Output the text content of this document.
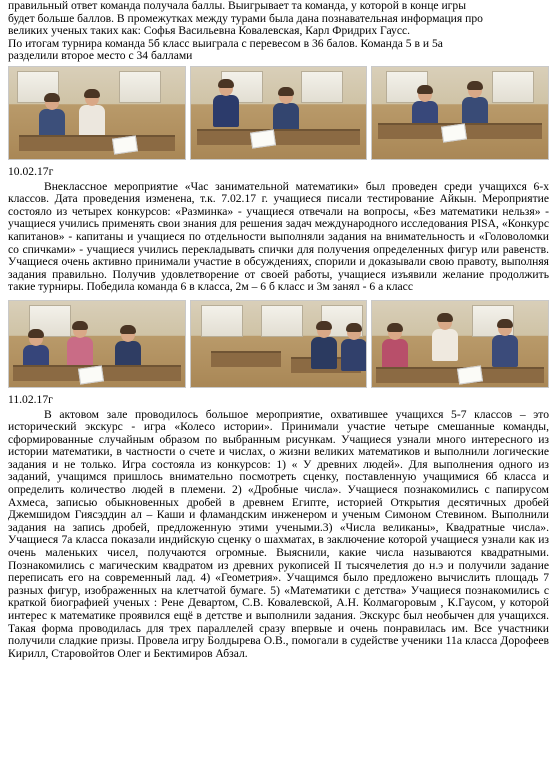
правильный ответ команда получала баллы. Выигрывает та команда, у которой в конце игры

будет больше баллов. В промежутках между турами была дана познавательная информация про

великих ученых таких как: Софья Васильевна Ковалевская, Карл Фридрих Гаусс.

По итогам турнира команда 5б класс выиграла с перевесом в 36 балов. Команда 5 в и 5а

разделили второе место с 34 баллами

10.02.17г

Внеклассное мероприятие «Час занимательной математики» был проведен среди учащихся 6-х классов. Дата проведения изменена, т.к. 7.02.17 г. учащиеся писали тестирование Айкын. Мероприятие состояло из четырех конкурсов: «Разминка» - учащиеся отвечали на вопросы, «Без математики нельзя» - учащиеся учились применять свои знания для решения задач международного исследования PISA, «Конкурс капитанов» - капитаны и учащиеся по отдельности выполняли задания на внимательность и «Головоломки со спичками» - учащиеся учились перекладывать спички для получения определенных фигур или равенств. Учащиеся очень активно принимали участие в обсуждениях, спорили и доказывали свою правоту, выполняя задания правильно. Получив удовлетворение от своей работы, учащиеся изъявили желание продолжить такие турниры. Победила команда 6 в класса, 2м – 6 б класс и 3м занял - 6 а класс

11.02.17г

В актовом зале проводилось большое мероприятие, охватившее учащихся 5-7 классов – это исторический экскурс - игра «Колесо истории». Принимали участие четыре смешанные команды, сформированные случайным образом по выбранным рисункам. Учащиеся узнали много интересного из истории математики, в частности о счете и числах, о жизни великих математиков и выполнили логические задания и не только. Игра состояла из конкурсов: 1) « У древних людей». Для выполнения одного из заданий, учащимся пришлось внимательно посмотреть сценку, поставленную учащимися 6б класса и определить количество людей в племени. 2) «Дробные числа». Учащиеся познакомились с папирусом Ахмеса, записью обыкновенных дробей в древнем Египте, историей Открытия десятичных дробей Джемшидом Гиясэддин ал – Каши и фламандским инженером и ученым Симоном Стевином. Выполнили задания на запись дробей, предложенную этими учеными.3) «Числа великаны», Квадратные числа». Учащиеся 7а класса показали индийскую сценку о шахматах, в заключение которой учащиеся узнали как из очень маленьких чисел, получаются огромные. Выяснили, какие числа называются квадратными. Познакомились с магическим квадратом из древних рукописей II тысячелетия до н.э и получили задание переписать его на современный лад. 4) «Геометрия». Учащимся было предложено вычислить площадь 7 разных фигур, изображенных на клетчатой бумаге. 5) «Математики с детства» Учащиеся познакомились с краткой биографией ученых : Рене Девартом, С.В. Ковалевской, А.Н. Колмагоровым , К.Гаусом, у которой интерес к математике проявился ещё в детстве и выполнили задания. Экскурс был необычен для учащихся. Такая форма проводилась для трех параллелей сразу впервые и очень понравилась им. Все участники получили сладкие призы. Провела игру Болдырева О.В., помогали в судействе ученики 11а класса Дорофеев Кирилл, Старовойтов Олег и Бектимиров Абзал.
